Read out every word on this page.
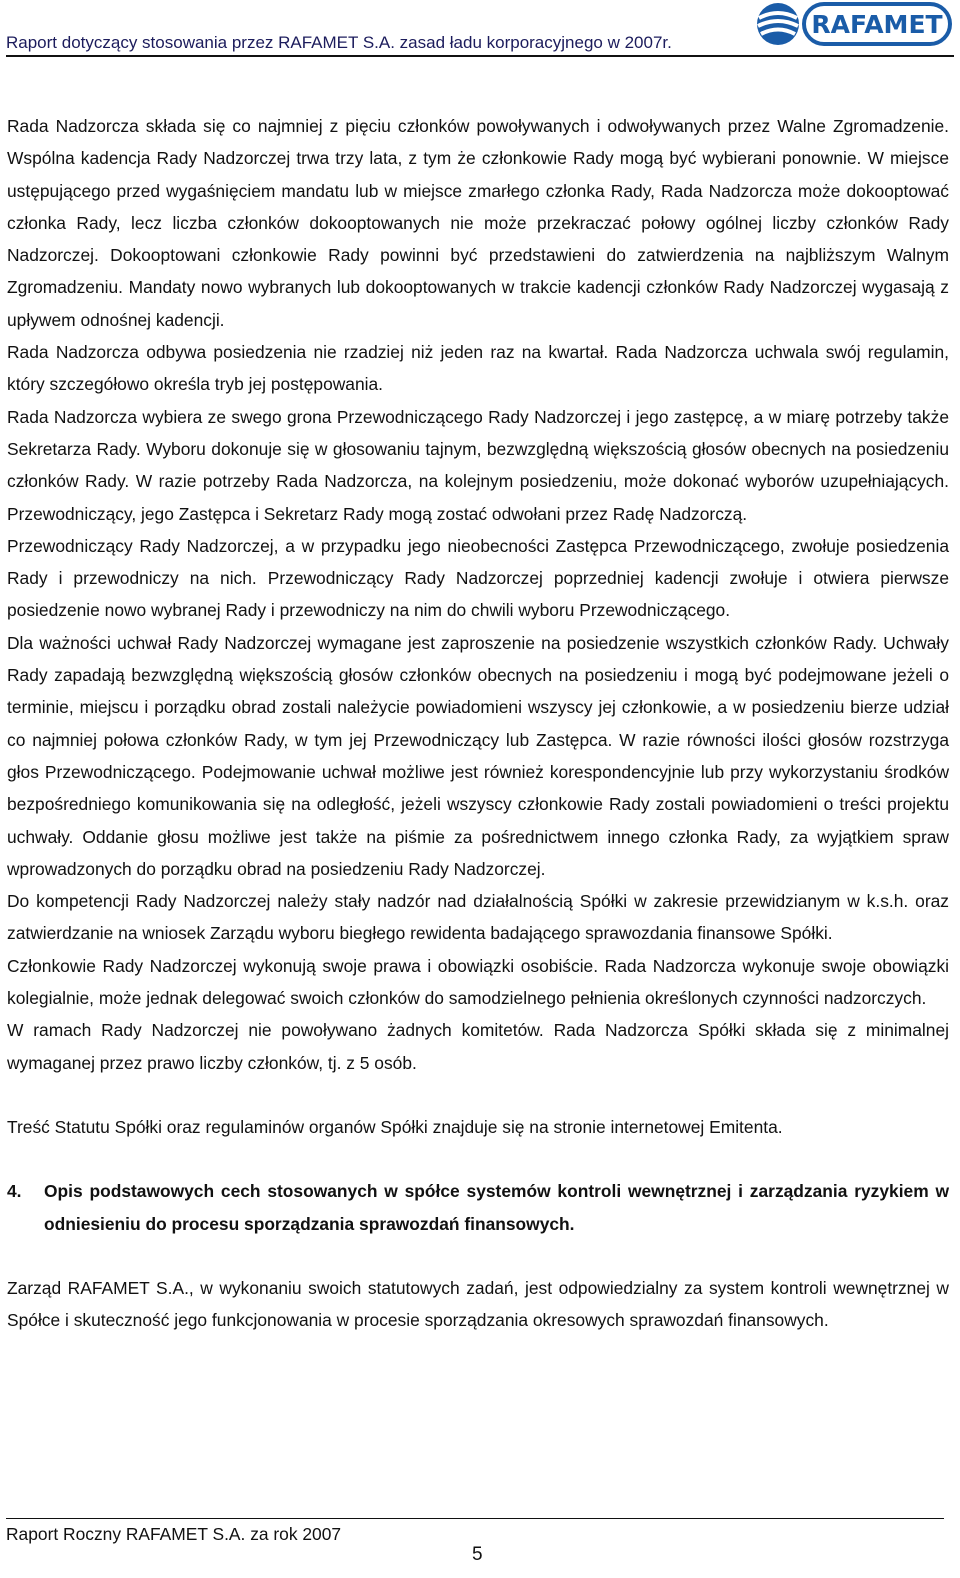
Raport dotyczący stosowania przez RAFAMET S.A. zasad ładu korporacyjnego w 2007r.
RAFAMET

Rada Nadzorcza składa się co najmniej z pięciu członków powoływanych i odwoływanych przez Walne Zgromadzenie. Wspólna kadencja Rady Nadzorczej trwa trzy lata, z tym że członkowie Rady mogą być wybierani ponownie. W miejsce ustępującego przed wygaśnięciem mandatu lub w miejsce zmarłego członka Rady, Rada Nadzorcza może dokooptować członka Rady, lecz liczba członków dokooptowanych nie może przekraczać połowy ogólnej liczby członków Rady Nadzorczej. Dokooptowani członkowie Rady powinni być przedstawieni do zatwierdzenia na najbliższym Walnym Zgromadzeniu. Mandaty nowo wybranych lub dokooptowanych w trakcie kadencji członków Rady Nadzorczej wygasają z upływem odnośnej kadencji.

Rada Nadzorcza odbywa posiedzenia nie rzadziej niż jeden raz na kwartał. Rada Nadzorcza uchwala swój regulamin, który szczegółowo określa tryb jej postępowania.

Rada Nadzorcza wybiera ze swego grona Przewodniczącego Rady Nadzorczej i jego zastępcę, a w miarę potrzeby także Sekretarza Rady. Wyboru dokonuje się w głosowaniu tajnym, bezwzględną większością głosów obecnych na posiedzeniu członków Rady. W razie potrzeby Rada Nadzorcza, na kolejnym posiedzeniu, może dokonać wyborów uzupełniających. Przewodniczący, jego Zastępca i Sekretarz Rady mogą zostać odwołani przez Radę Nadzorczą.

Przewodniczący Rady Nadzorczej, a w przypadku jego nieobecności Zastępca Przewodniczącego, zwołuje posiedzenia Rady i przewodniczy na nich. Przewodniczący Rady Nadzorczej poprzedniej kadencji zwołuje i otwiera pierwsze posiedzenie nowo wybranej Rady i przewodniczy na nim do chwili wyboru Przewodniczącego.

Dla ważności uchwał Rady Nadzorczej wymagane jest zaproszenie na posiedzenie wszystkich członków Rady. Uchwały Rady zapadają bezwzględną większością głosów członków obecnych na posiedzeniu i mogą być podejmowane jeżeli o terminie, miejscu i porządku obrad zostali należycie powiadomieni wszyscy jej członkowie, a w posiedzeniu bierze udział co najmniej połowa członków Rady, w tym jej Przewodniczący lub Zastępca. W razie równości ilości głosów rozstrzyga głos Przewodniczącego. Podejmowanie uchwał możliwe jest również korespondencyjnie lub przy wykorzystaniu środków bezpośredniego komunikowania się na odległość, jeżeli wszyscy członkowie Rady zostali powiadomieni o treści projektu uchwały. Oddanie głosu możliwe jest także na piśmie za pośrednictwem innego członka Rady, za wyjątkiem spraw wprowadzonych do porządku obrad na posiedzeniu Rady Nadzorczej.

Do kompetencji Rady Nadzorczej należy stały nadzór nad działalnością Spółki w zakresie przewidzianym w k.s.h. oraz zatwierdzanie na wniosek Zarządu wyboru biegłego rewidenta badającego sprawozdania finansowe Spółki.

Członkowie Rady Nadzorczej wykonują swoje prawa i obowiązki osobiście. Rada Nadzorcza wykonuje swoje obowiązki kolegialnie, może jednak delegować swoich członków do samodzielnego pełnienia określonych czynności nadzorczych.

W ramach Rady Nadzorczej nie powoływano żadnych komitetów. Rada Nadzorcza Spółki składa się z minimalnej wymaganej przez prawo liczby członków, tj. z 5 osób.

Treść Statutu Spółki oraz regulaminów organów Spółki znajduje się na stronie internetowej Emitenta.

4. Opis podstawowych cech stosowanych w spółce systemów kontroli wewnętrznej i zarządzania ryzykiem w odniesieniu do procesu sporządzania sprawozdań finansowych.

Zarząd RAFAMET S.A., w wykonaniu swoich statutowych zadań, jest odpowiedzialny za system kontroli wewnętrznej w Spółce i skuteczność jego funkcjonowania w procesie sporządzania okresowych sprawozdań finansowych.

Raport Roczny RAFAMET S.A. za rok 2007
5
